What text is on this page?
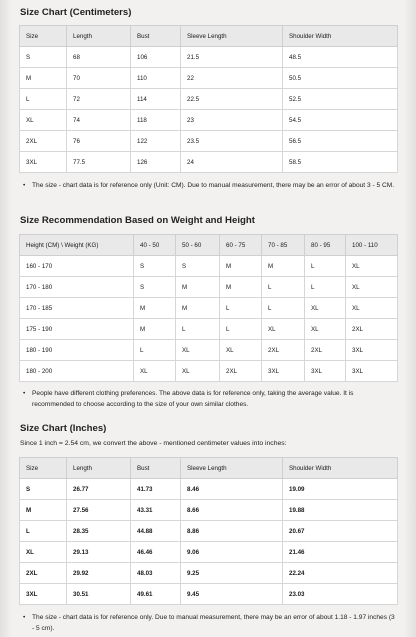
Size Chart (Centimeters)
Size	Length	Bust	Sleeve Length	Shoulder Width
S	68	106	21.5	48.5
M	70	110	22	50.5
L	72	114	22.5	52.5
XL	74	118	23	54.5
2XL	76	122	23.5	56.5
3XL	77.5	126	24	58.5
•	The size - chart data is for reference only (Unit: CM). Due to manual measurement, there may be an error of about 3 - 5 CM.
Size Recommendation Based on Weight and Height
Height (CM) \ Weight (KG)	40 - 50	50 - 60	60 - 75	70 - 85	80 - 95	100 - 110
160 - 170	S	S	M	M	L	XL
170 - 180	S	M	M	L	L	XL
170 - 185	M	M	L	L	XL	XL
175 - 190	M	L	L	XL	XL	2XL
180 - 190	L	XL	XL	2XL	2XL	3XL
180 - 200	XL	XL	2XL	3XL	3XL	3XL
•	People have different clothing preferences. The above data is for reference only, taking the average value. It is recommended to choose according to the size of your own similar clothes.
Size Chart (Inches)
Since 1 inch = 2.54 cm, we convert the above - mentioned centimeter values into inches:
Size	Length	Bust	Sleeve Length	Shoulder Width
S	26.77	41.73	8.46	19.09
M	27.56	43.31	8.66	19.88
L	28.35	44.88	8.86	20.67
XL	29.13	46.46	9.06	21.46
2XL	29.92	48.03	9.25	22.24
3XL	30.51	49.61	9.45	23.03
•	The size - chart data is for reference only. Due to manual measurement, there may be an error of about 1.18 - 1.97 inches (3 - 5 cm).
